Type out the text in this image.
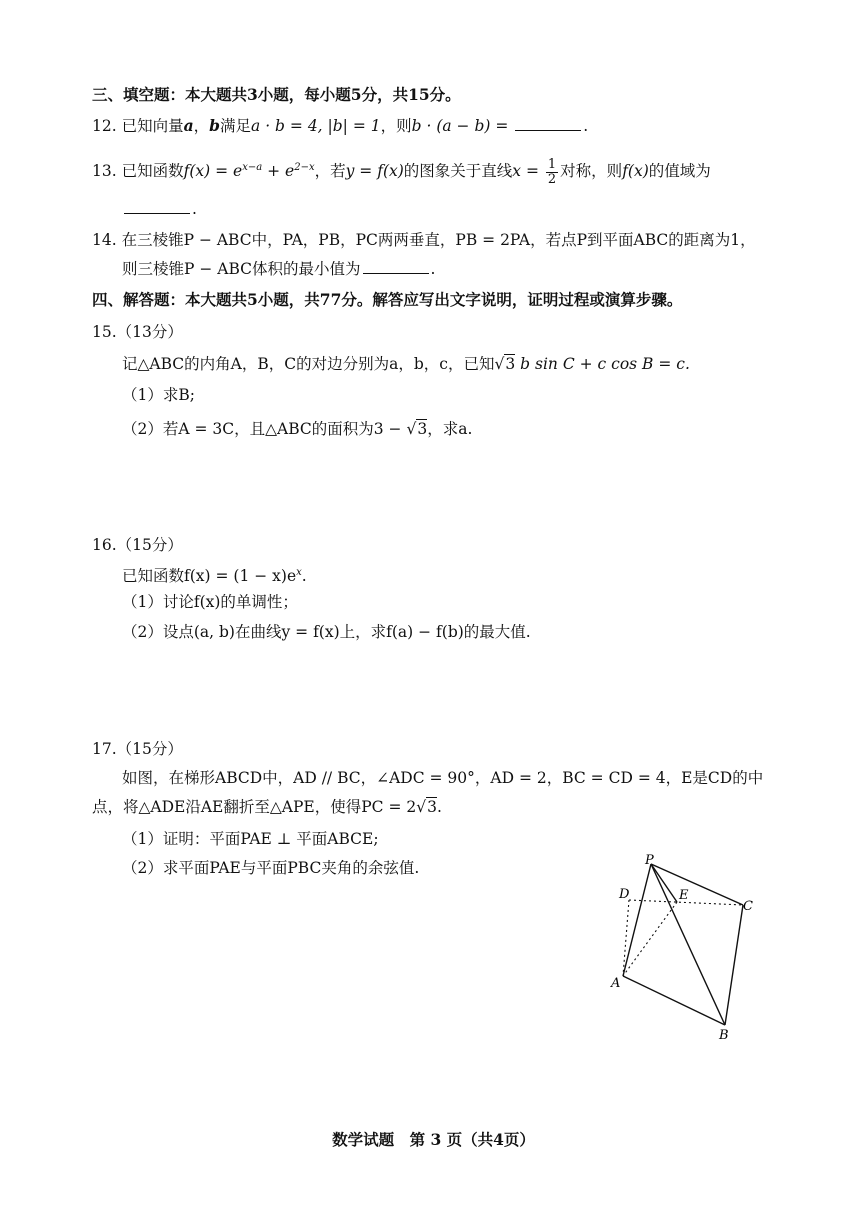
三、填空题：本大题共3小题，每小题5分，共15分。
12. 已知向量a，b满足a · b = 4, |b| = 1，则b · (a − b) =	.
13. 已知函数$f(x) = e^{x-a} + e^{2-x}$，若y = f(x)的图象关于直线$x = \frac{1}{2}$ 对称，则f(x)的值域为
.
14. 在三棱锥P − ABC中，PA，PB，PC两两垂直，PB = 2PA，若点P到平面ABC的距离为1，
则三棱锥P − ABC体积的最小值为	.
四、解答题：本大题共5小题，共77分。解答应写出文字说明，证明过程或演算步骤。
15.（13分）
记△ABC的内角A，B，C的对边分别为a，b，c，已知√3 b sin C + c cos B = c.
（1）求B;
（2）若A = 3C，且△ABC的面积为3 − √3，求a.
16.（15分）
已知函数$f(x) = (1 - x)e^x$.
（1）讨论f(x)的单调性；
（2）设点(a, b)在曲线y = f(x)上，求f(a) − f(b)的最大值.
17.（15分）
如图，在梯形ABCD中，AD // BC，∠ADC = 90°，AD = 2，BC = CD = 4，E是CD的中
点，将△ADE沿AE翻折至△APE，使得PC = 2√3.
（1）证明：平面PAE ⊥ 平面ABCE;
（2）求平面PAE与平面PBC夹角的余弦值.	P
D	E
C
A
B
数学试题　第 3 页（共4页）
